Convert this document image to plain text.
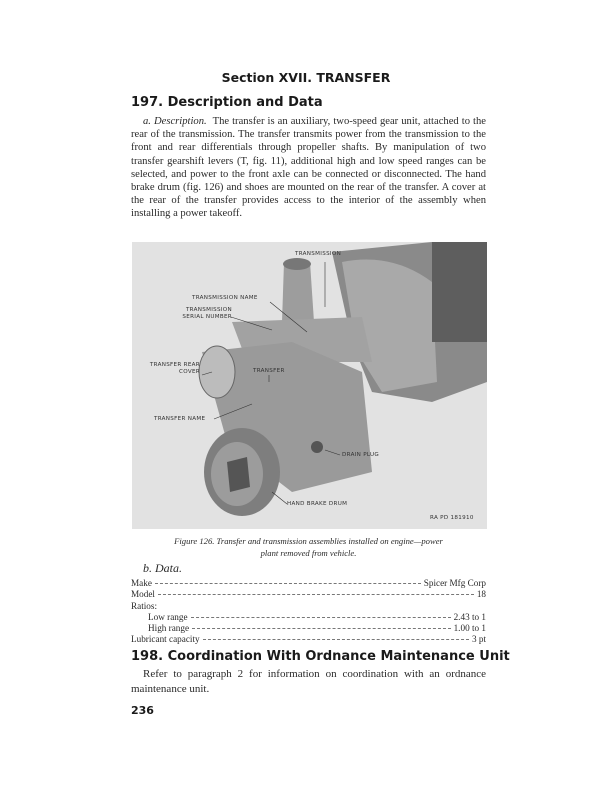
Section XVII. TRANSFER
197. Description and Data
a. Description. The transfer is an auxiliary, two-speed gear unit, attached to the rear of the transmission. The transfer transmits power from the transmission to the front and rear differentials through propeller shafts. By manipulation of two transfer gearshift levers (T, fig. 11), additional high and low speed ranges can be selected, and power to the front axle can be connected or disconnected. The hand brake drum (fig. 126) and shoes are mounted on the rear of the transfer. A cover at the rear of the transfer provides access to the interior of the assembly when installing a power takeoff.
TRANSMISSION
TRANSMISSION NAME
TRANSMISSION SERIAL NUMBER
TRANSFER REAR COVER	TRANSFER
TRANSFER NAME
DRAIN PLUG
HAND BRAKE DRUM
RA PD 181910
Figure 126. Transfer and transmission assemblies installed on engine—power
plant removed from vehicle.
b. Data.
Make	Spicer Mfg Corp
Model	18
Ratios:
Low range	2.43 to 1
High range	1.00 to 1
Lubricant capacity	3 pt
198. Coordination With Ordnance Maintenance Unit
Refer to paragraph 2 for information on coordination with an ordnance maintenance unit.
236
